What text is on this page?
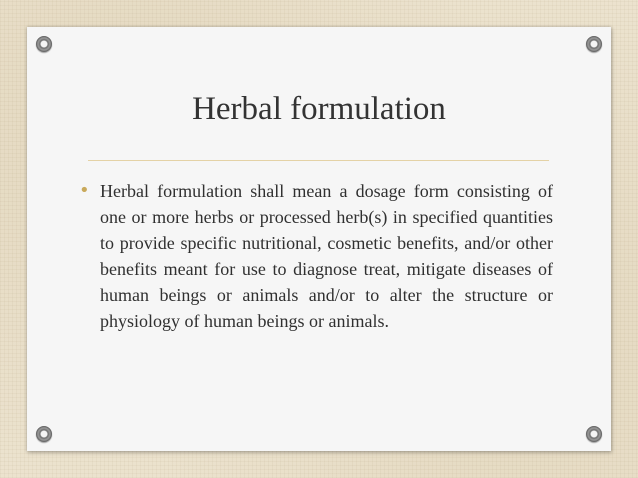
Herbal formulation
• Herbal formulation shall mean a dosage form consisting of one or more herbs or processed herb(s) in specified quantities to provide specific nutritional, cosmetic benefits, and/or other benefits meant for use to diagnose treat, mitigate diseases of human beings or animals and/or to alter the structure or physiology of human beings or animals.
